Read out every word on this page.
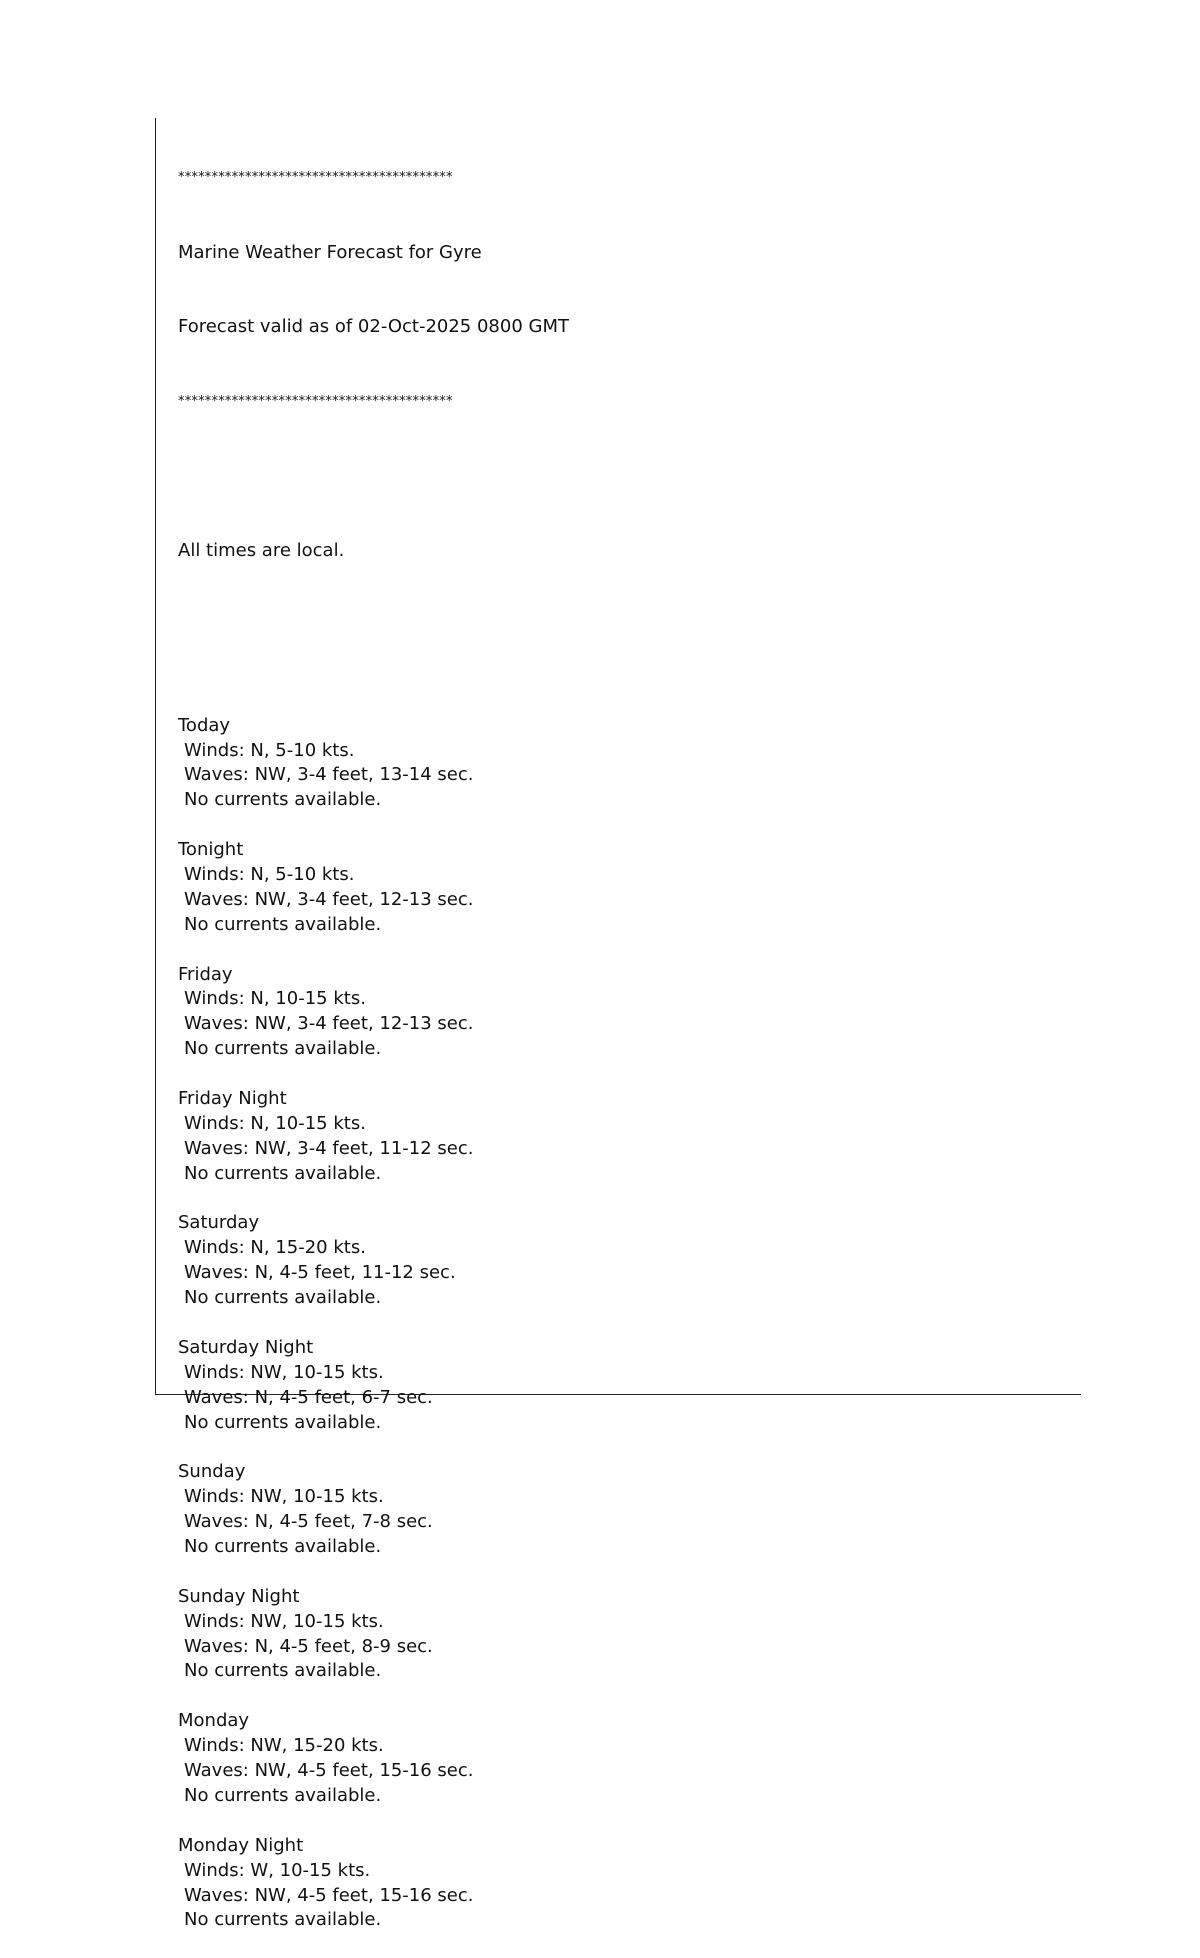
*****************************************

Marine Weather Forecast for Gyre

Forecast valid as of 02-Oct-2025 0800 GMT

*****************************************

All times are local.

Today
Winds: N, 5-10 kts.
Waves: NW, 3-4 feet, 13-14 sec.
No currents available.
Tonight
Winds: N, 5-10 kts.
Waves: NW, 3-4 feet, 12-13 sec.
No currents available.
Friday
Winds: N, 10-15 kts.
Waves: NW, 3-4 feet, 12-13 sec.
No currents available.
Friday Night
Winds: N, 10-15 kts.
Waves: NW, 3-4 feet, 11-12 sec.
No currents available.
Saturday
Winds: N, 15-20 kts.
Waves: N, 4-5 feet, 11-12 sec.
No currents available.
Saturday Night
Winds: NW, 10-15 kts.
Waves: N, 4-5 feet, 6-7 sec.
No currents available.
Sunday
Winds: NW, 10-15 kts.
Waves: N, 4-5 feet, 7-8 sec.
No currents available.
Sunday Night
Winds: NW, 10-15 kts.
Waves: N, 4-5 feet, 8-9 sec.
No currents available.
Monday
Winds: NW, 15-20 kts.
Waves: NW, 4-5 feet, 15-16 sec.
No currents available.
Monday Night
Winds: W, 10-15 kts.
Waves: NW, 4-5 feet, 15-16 sec.
No currents available.
